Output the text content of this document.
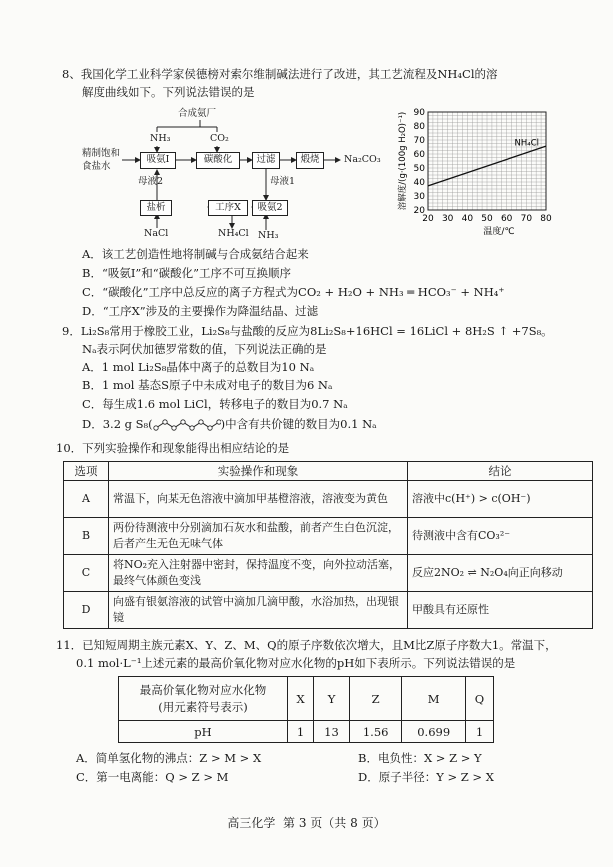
8、我国化学工业科学家侯德榜对索尔维制碱法进行了改进，其工艺流程及NH₄Cl的溶
解度曲线如下。下列说法错误的是
合成氨厂
NH₃	CO₂
精制饱和
食盐水
吸氨Ⅰ	碳酸化	过滤	煅烧	Na₂CO₃
母液2	母液1
盐析	工序X	吸氨2
NaCl	NH₄Cl NH₃
20 30 40 50 60 70 80
20
30
40
50
60
70
80
90
NH₄Cl
温度/℃
溶解度/(g·(100g H₂O)⁻¹)
A．该工艺创造性地将制碱与合成氨结合起来
B．“吸氨Ⅰ”和“碳酸化”工序不可互换顺序
C．“碳酸化”工序中总反应的离子方程式为CO₂ + H₂O + NH₃ ═ HCO₃⁻ + NH₄⁺
D．“工序X”涉及的主要操作为降温结晶、过滤
9．Li₂S₈常用于橡胶工业，Li₂S₈与盐酸的反应为8Li₂S₈+16HCl = 16LiCl + 8H₂S ↑ +7S₈。
Nₐ表示阿伏加德罗常数的值，下列说法正确的是
A．1 mol Li₂S₈晶体中离子的总数目为10 Nₐ
B．1 mol 基态S原子中未成对电子的数目为6 Nₐ
C．每生成1.6 mol LiCl，转移电子的数目为0.7 Nₐ
D．3.2 g S₈(	)中含有共价键的数目为0.1 Nₐ
10．下列实验操作和现象能得出相应结论的是
选项	实验操作和现象	结论
A	常温下，向某无色溶液中滴加甲基橙溶液，溶液变为黄色	溶液中c(H⁺) > c(OH⁻)
B	两份待测液中分别滴加石灰水和盐酸，前者产生白色沉淀，后者产生无色无味气体	待测液中含有CO₃²⁻
C	将NO₂充入注射器中密封，保持温度不变，向外拉动活塞，最终气体颜色变浅	反应2NO₂ ⇌ N₂O₄向正向移动
D	向盛有银氨溶液的试管中滴加几滴甲酸，水浴加热，出现银镜	甲酸具有还原性
11．已知短周期主族元素X、Y、Z、M、Q的原子序数依次增大，且M比Z原子序数大1。常温下，
0.1 mol·L⁻¹上述元素的最高价氧化物对应水化物的pH如下表所示。下列说法错误的是
最高价氧化物对应水化物
(用元素符号表示)	X	Y	Z	M	Q
pH	1	13	1.56	0.699	1
A．简单氢化物的沸点：Z > M > X	B．电负性：X > Z > Y
C．第一电离能：Q > Z > M	D．原子半径：Y > Z > X
高三化学  第 3 页（共 8 页）
